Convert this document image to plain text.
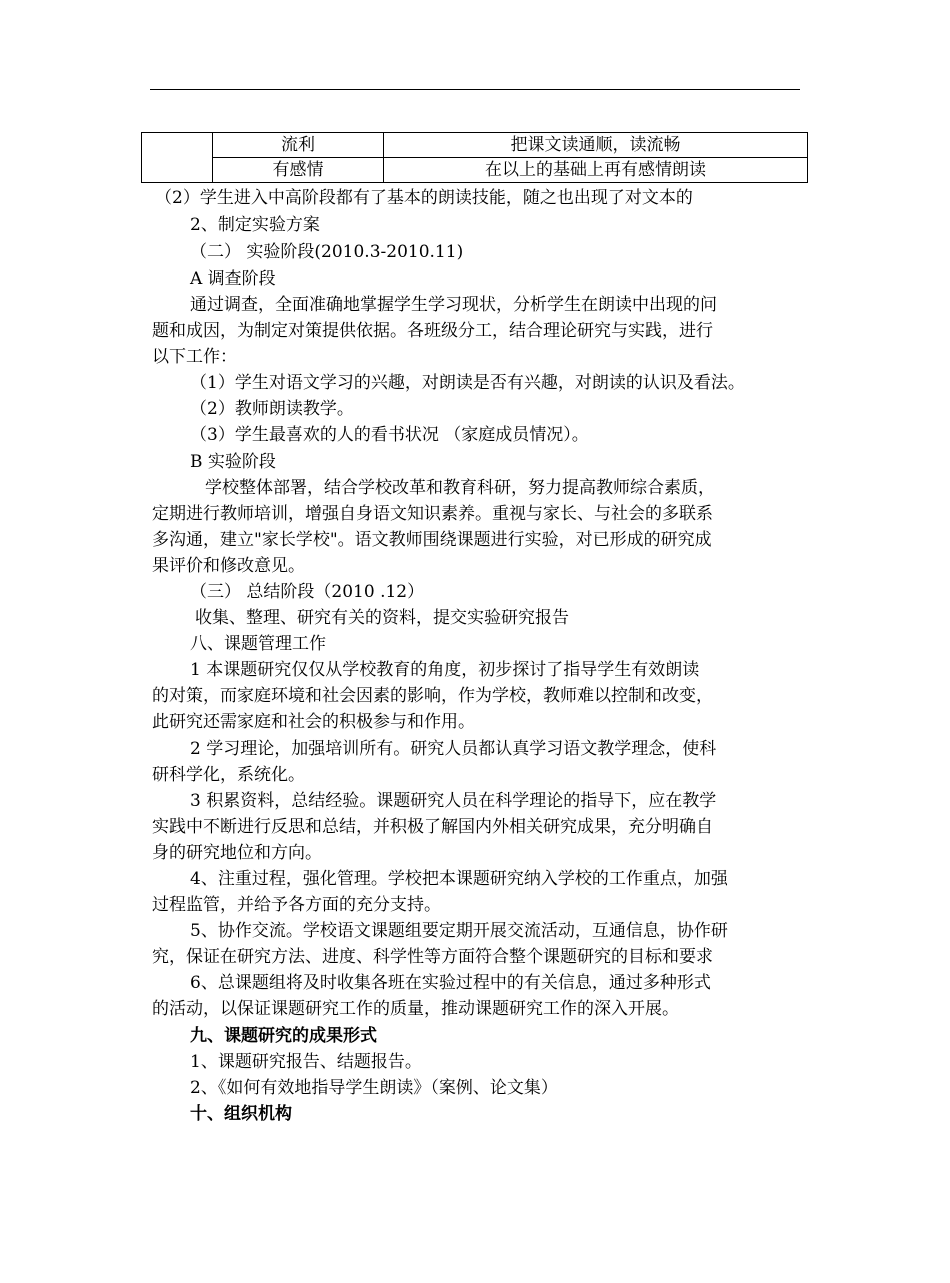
	流利	把课文读通顺，读流畅
	有感情	在以上的基础上再有感情朗读
（2）学生进入中高阶段都有了基本的朗读技能，随之也出现了对文本的
2、制定实验方案
（二） 实验阶段(2010.3-2010.11)
A 调查阶段
通过调查，全面准确地掌握学生学习现状，分析学生在朗读中出现的问
题和成因，为制定对策提供依据。各班级分工，结合理论研究与实践，进行
以下工作：
（1）学生对语文学习的兴趣，对朗读是否有兴趣，对朗读的认识及看法。
（2）教师朗读教学。
（3）学生最喜欢的人的看书状况 （家庭成员情况）。
B 实验阶段
学校整体部署，结合学校改革和教育科研，努力提高教师综合素质，
定期进行教师培训，增强自身语文知识素养。重视与家长、与社会的多联系
多沟通，建立"家长学校"。语文教师围绕课题进行实验，对已形成的研究成
果评价和修改意见。
（三） 总结阶段（2010 .12）
收集、整理、研究有关的资料，提交实验研究报告
八、课题管理工作
1 本课题研究仅仅从学校教育的角度，初步探讨了指导学生有效朗读
的对策，而家庭环境和社会因素的影响，作为学校，教师难以控制和改变，
此研究还需家庭和社会的积极参与和作用。
2 学习理论，加强培训所有。研究人员都认真学习语文教学理念，使科
研科学化，系统化。
3 积累资料，总结经验。课题研究人员在科学理论的指导下，应在教学
实践中不断进行反思和总结，并积极了解国内外相关研究成果，充分明确自
身的研究地位和方向。
4、注重过程，强化管理。学校把本课题研究纳入学校的工作重点，加强
过程监管，并给予各方面的充分支持。
5、协作交流。学校语文课题组要定期开展交流活动，互通信息，协作研
究，保证在研究方法、进度、科学性等方面符合整个课题研究的目标和要求
6、总课题组将及时收集各班在实验过程中的有关信息，通过多种形式
的活动，以保证课题研究工作的质量，推动课题研究工作的深入开展。
九、课题研究的成果形式
1、课题研究报告、结题报告。
2、《如何有效地指导学生朗读》（案例、论文集）
十、组织机构
